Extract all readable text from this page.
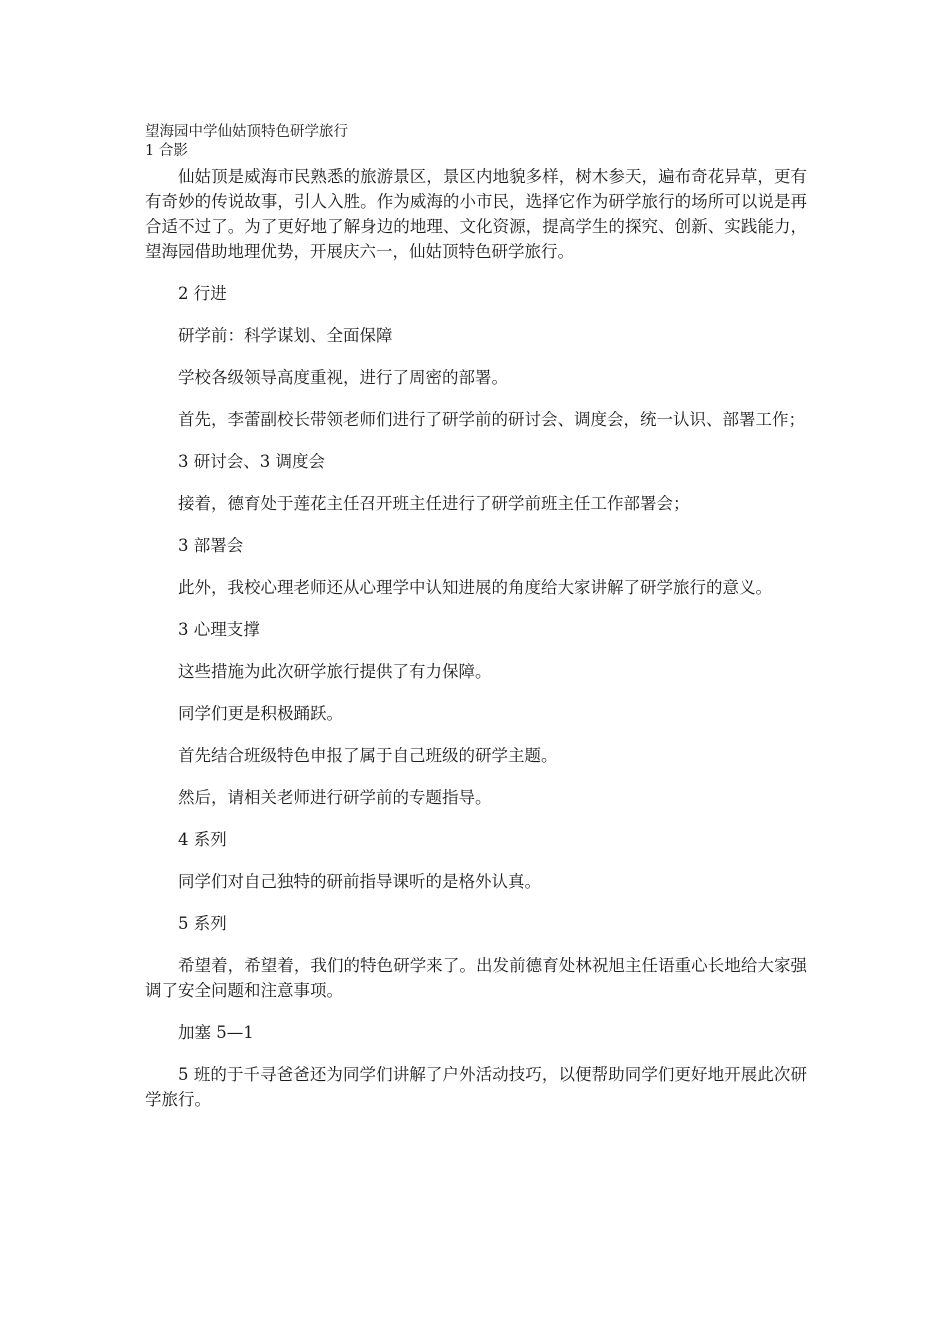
望海园中学仙姑顶特色研学旅行

1 合影

仙姑顶是威海市民熟悉的旅游景区，景区内地貌多样，树木参天，遍布奇花异草，更有有奇妙的传说故事，引人入胜。作为威海的小市民，选择它作为研学旅行的场所可以说是再合适不过了。为了更好地了解身边的地理、文化资源，提高学生的探究、创新、实践能力，望海园借助地理优势，开展庆六一，仙姑顶特色研学旅行。

2 行进

研学前：科学谋划、全面保障

学校各级领导高度重视，进行了周密的部署。

首先，李蕾副校长带领老师们进行了研学前的研讨会、调度会，统一认识、部署工作；

3 研讨会、3 调度会

接着，德育处于莲花主任召开班主任进行了研学前班主任工作部署会；

3 部署会

此外，我校心理老师还从心理学中认知进展的角度给大家讲解了研学旅行的意义。

3 心理支撑

这些措施为此次研学旅行提供了有力保障。

同学们更是积极踊跃。

首先结合班级特色申报了属于自己班级的研学主题。

然后，请相关老师进行研学前的专题指导。

4 系列

同学们对自己独特的研前指导课听的是格外认真。

5 系列

希望着，希望着，我们的特色研学来了。出发前德育处林祝旭主任语重心长地给大家强调了安全问题和注意事项。

加塞 5—1

5 班的于千寻爸爸还为同学们讲解了户外活动技巧，以便帮助同学们更好地开展此次研学旅行。
